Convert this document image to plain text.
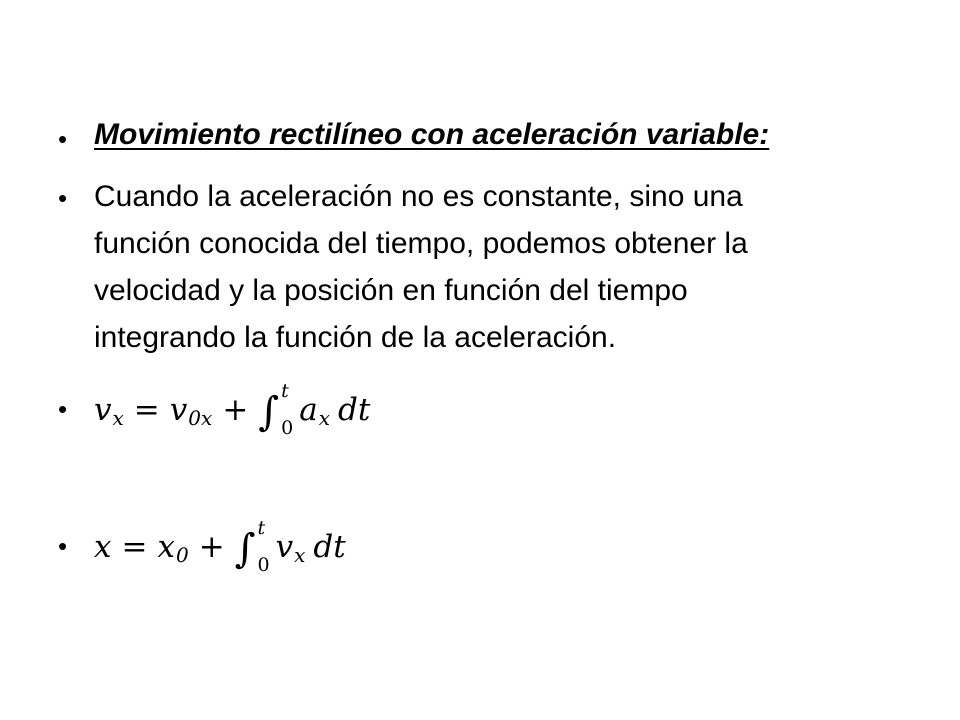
• Movimiento rectilíneo con aceleración variable:
• Cuando la aceleración no es constante, sino una
función conocida del tiempo, podemos obtener la
velocidad y la posición en función del tiempo
integrando la función de la aceleración.
• v x = v 0x + ∫ t
0 a x dt
• x = x 0 + ∫ t
0 v x dt
